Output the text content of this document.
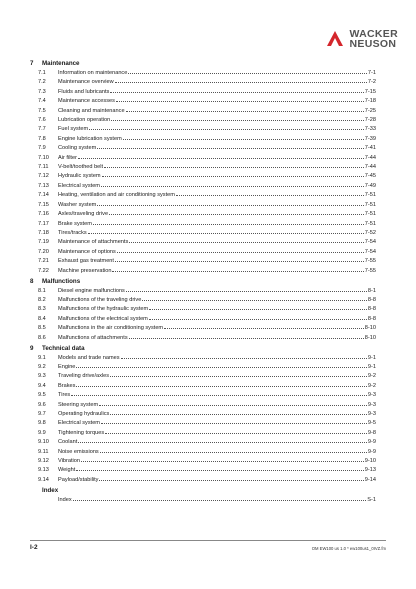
WACKER
NEUSON
7	Maintenance
7.1	Information on maintenance	7-1
7.2	Maintenance overview	7-2
7.3	Fluids and lubricants	7-15
7.4	Maintenance accesses	7-18
7.5	Cleaning and maintenance	7-25
7.6	Lubrication operation	7-28
7.7	Fuel system	7-33
7.8	Engine lubrication system	7-39
7.9	Cooling system	7-41
7.10	Air filter	7-44
7.11	V-belt/toothed belt	7-44
7.12	Hydraulic system	7-45
7.13	Electrical system	7-49
7.14	Heating, ventilation and air conditioning system	7-51
7.15	Washer system	7-51
7.16	Axles/traveling drive	7-51
7.17	Brake system	7-51
7.18	Tires/tracks	7-52
7.19	Maintenance of attachments	7-54
7.20	Maintenance of options	7-54
7.21	Exhaust gas treatment	7-55
7.22	Machine preservation	7-55
8	Malfunctions
8.1	Diesel engine malfunctions	8-1
8.2	Malfunctions of the traveling drive	8-8
8.3	Malfunctions of the hydraulic system	8-8
8.4	Malfunctions of the electrical system	8-8
8.5	Malfunctions in the air conditioning system	8-10
8.6	Malfunctions of attachments	8-10
9	Technical data
9.1	Models and trade names	9-1
9.2	Engine	9-1
9.3	Traveling drive/axles	9-2
9.4	Brakes	9-2
9.5	Tires	9-3
9.6	Steering system	9-3
9.7	Operating hydraulics	9-3
9.8	Electrical system	9-5
9.9	Tightening torques	9-8
9.10	Coolant	9-9
9.11	Noise emissions	9-9
9.12	Vibration	9-10
9.13	Weight	9-13
9.14	Payload/stability	9-14
Index
Index	S-1
I-2	OM EW100 us 1.0 * ew100us1_0IVZ.fm
